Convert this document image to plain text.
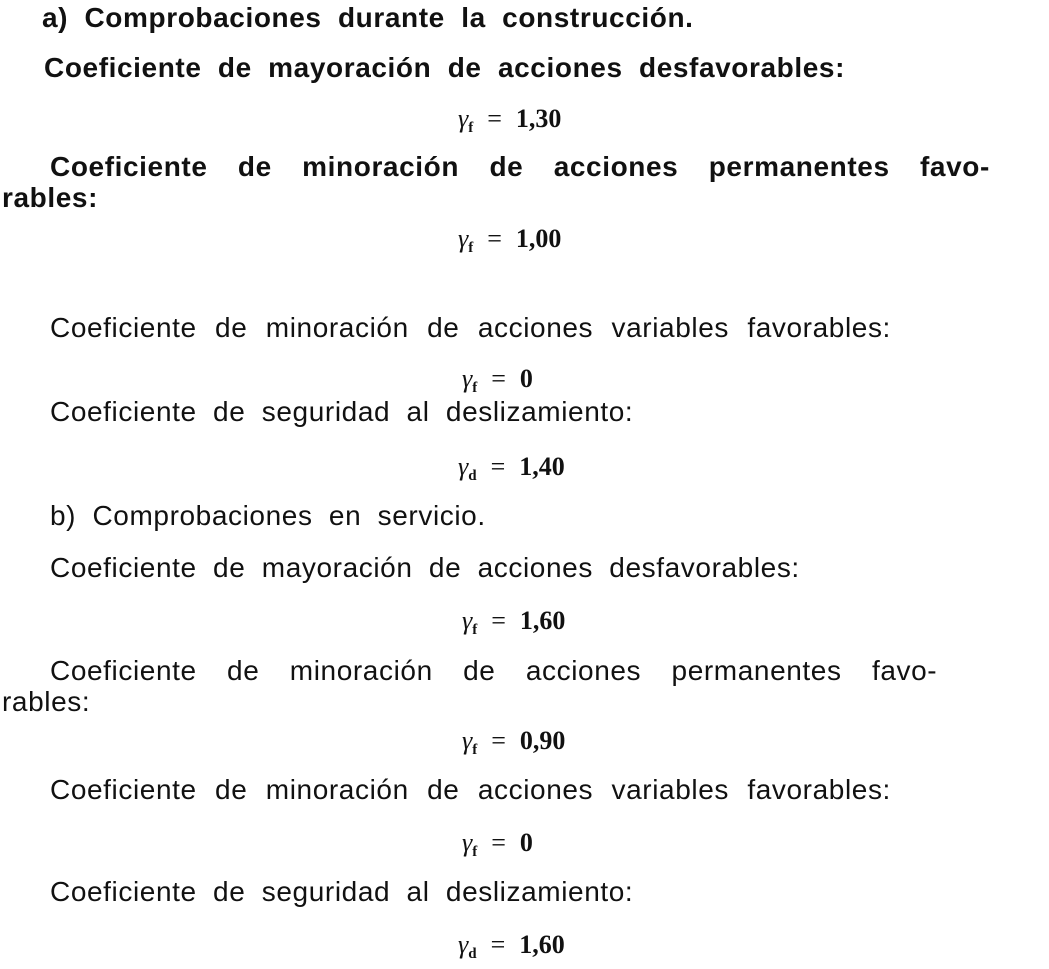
a) Comprobaciones durante la construcción.
Coeficiente de mayoración de acciones desfavorables:
$\gamma_f = 1,30$
Coeficiente de minoración de acciones permanentes favo-
rables:
$\gamma_f = 1,00$
Coeficiente de minoración de acciones variables favorables:
$\gamma_f = 0$
Coeficiente de seguridad al deslizamiento:
$\gamma_d = 1,40$
b) Comprobaciones en servicio.
Coeficiente de mayoración de acciones desfavorables:
$\gamma_f = 1,60$
Coeficiente de minoración de acciones permanentes favo-
rables:
$\gamma_f = 0,90$
Coeficiente de minoración de acciones variables favorables:
$\gamma_f = 0$
Coeficiente de seguridad al deslizamiento:
$\gamma_d = 1,60$
